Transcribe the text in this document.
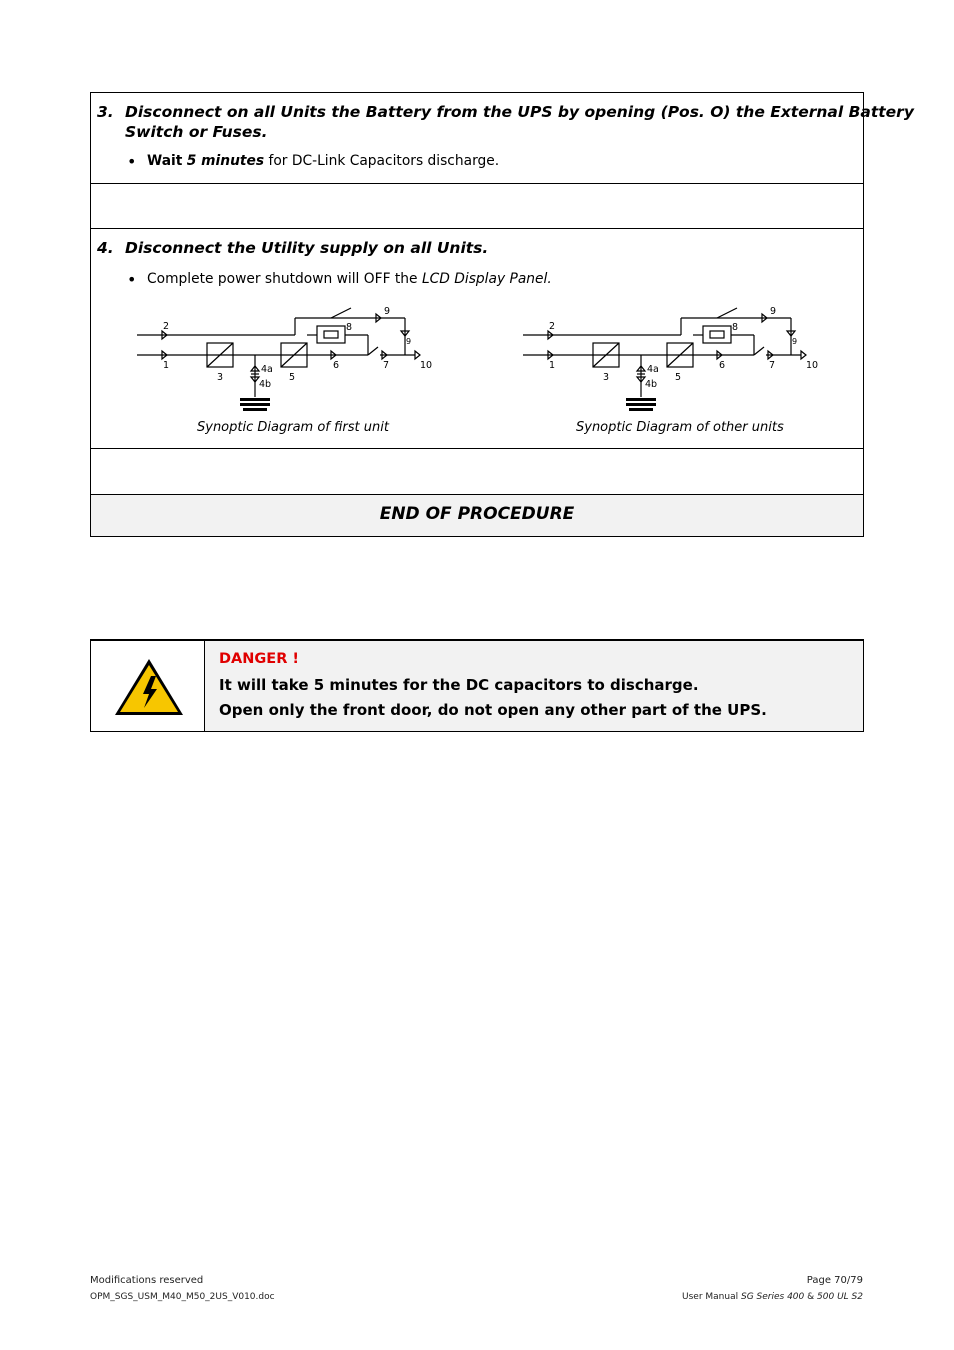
3. Disconnect on all Units the Battery from the UPS by opening (Pos. O) the External Battery
Switch or Fuses.
• Wait 5 minutes for DC-Link Capacitors discharge.
4. Disconnect the Utility supply on all Units.
• Complete power shutdown will OFF the LCD Display Panel.
2
1
3
4a
4b
5
6	7
8
9
9
10
Synoptic Diagram of first unit
2
1
3
4a
4b
5
6	7
8
9
9
10
Synoptic Diagram of other units
END OF PROCEDURE
DANGER !
It will take 5 minutes for the DC capacitors to discharge.
Open only the front door, do not open any other part of the UPS.
Modifications reserved
OPM_SGS_USM_M40_M50_2US_V010.doc
Page 70/79
User Manual SG Series 400 & 500 UL S2
